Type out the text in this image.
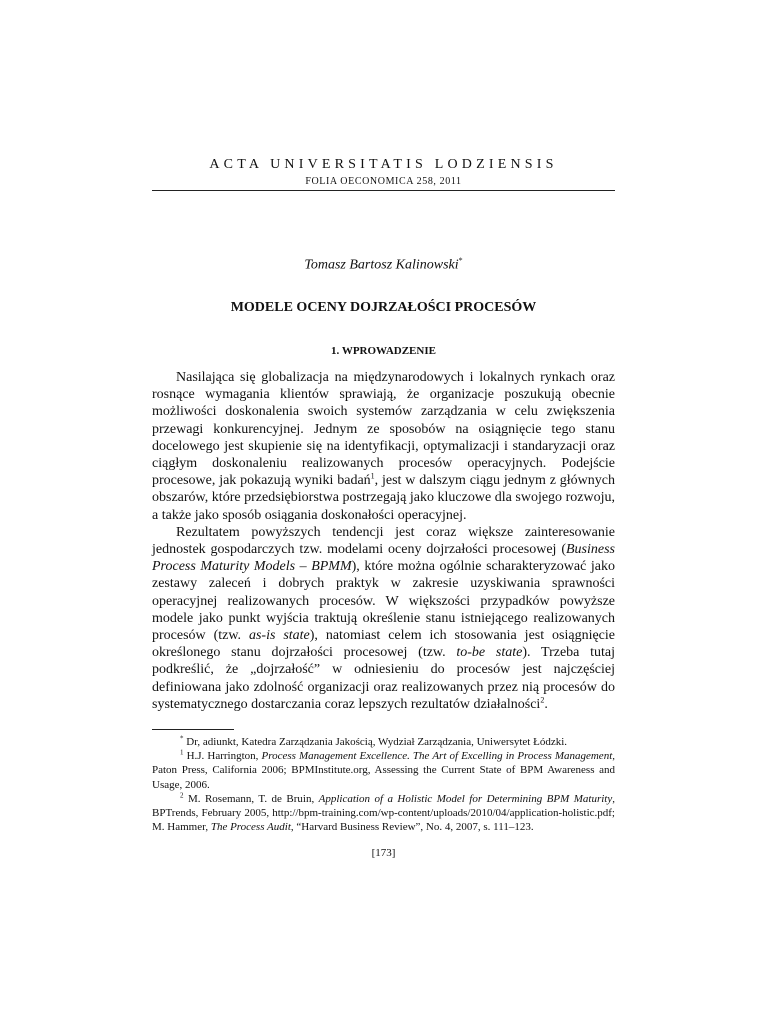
ACTA UNIVERSITATIS LODZIENSIS
FOLIA OECONOMICA 258, 2011
Tomasz Bartosz Kalinowski*
MODELE OCENY DOJRZAŁOŚCI PROCESÓW
1. WPROWADZENIE

Nasilająca się globalizacja na międzynarodowych i lokalnych rynkach oraz rosnące wymagania klientów sprawiają, że organizacje poszukują obecnie możliwości doskonalenia swoich systemów zarządzania w celu zwiększenia przewagi konkurencyjnej. Jednym ze sposobów na osiągnięcie tego stanu docelowego jest skupienie się na identyfikacji, optymalizacji i standaryzacji oraz ciągłym doskonaleniu realizowanych procesów operacyjnych. Podejście procesowe, jak pokazują wyniki badań$^1$, jest w dalszym ciągu jednym z głównych obszarów, które przedsiębiorstwa postrzegają jako kluczowe dla swojego rozwoju, a także jako sposób osiągania doskonałości operacyjnej.

Rezultatem powyższych tendencji jest coraz większe zainteresowanie jednostek gospodarczych tzw. modelami oceny dojrzałości procesowej (Business Process Maturity Models – BPMM), które można ogólnie scharakteryzować jako zestawy zaleceń i dobrych praktyk w zakresie uzyskiwania sprawności operacyjnej realizowanych procesów. W większości przypadków powyższe modele jako punkt wyjścia traktują określenie stanu istniejącego realizowanych procesów (tzw. as-is state), natomiast celem ich stosowania jest osiągnięcie określonego stanu dojrzałości procesowej (tzw. to-be state). Trzeba tutaj podkreślić, że „dojrzałość” w odniesieniu do procesów jest najczęściej definiowana jako zdolność organizacji oraz realizowanych przez nią procesów do systematycznego dostarczania coraz lepszych rezultatów działalności$^2$.

* Dr, adiunkt, Katedra Zarządzania Jakością, Wydział Zarządzania, Uniwersytet Łódzki.

$^1$ H.J. Harrington, Process Management Excellence. The Art of Excelling in Process Management, Paton Press, California 2006; BPMInstitute.org, Assessing the Current State of BPM Awareness and Usage, 2006.

$^2$ M. Rosemann, T. de Bruin, Application of a Holistic Model for Determining BPM Maturity, BPTrends, February 2005, http://bpm-training.com/wp-content/uploads/2010/04/application-holistic.pdf; M. Hammer, The Process Audit, “Harvard Business Review”, No. 4, 2007, s. 111–123.

[173]
